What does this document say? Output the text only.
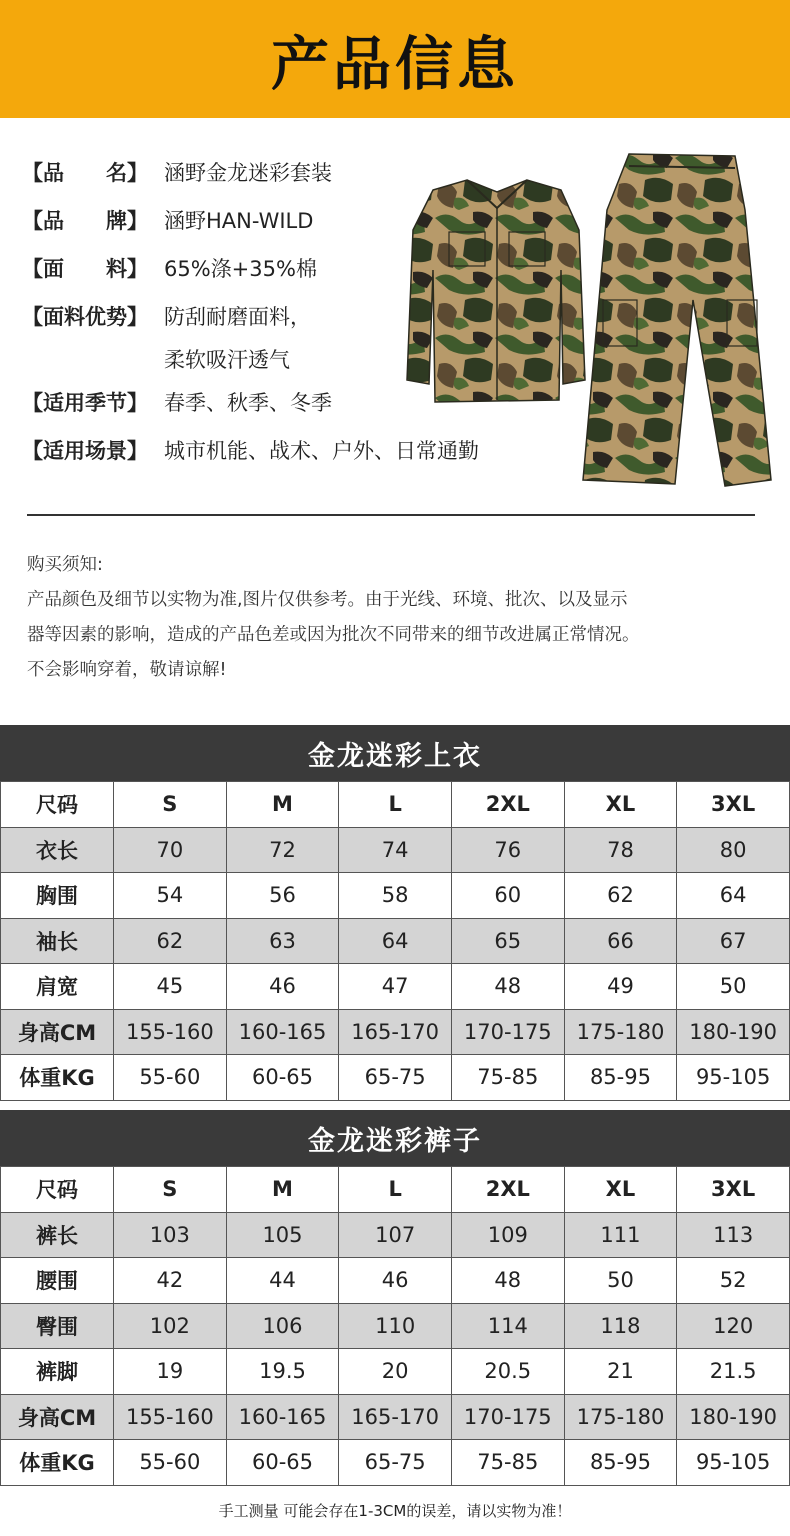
产品信息
【品　　名】 涵野金龙迷彩套装
【品　　牌】 涵野HAN-WILD
【面　　料】 65%涤+35%棉
【面料优势】 防刮耐磨面料，
柔软吸汗透气
【适用季节】 春季、秋季、冬季
【适用场景】 城市机能、战术、户外、日常通勤
购买须知:
产品颜色及细节以实物为准,图片仅供参考。由于光线、环境、批次、以及显示
器等因素的影响，造成的产品色差或因为批次不同带来的细节改进属正常情况。
不会影响穿着，敬请谅解!
金龙迷彩上衣
尺码	S	M	L	2XL	XL	3XL
衣长	70	72	74	76	78	80
胸围	54	56	58	60	62	64
袖长	62	63	64	65	66	67
肩宽	45	46	47	48	49	50
身高CM	155-160	160-165	165-170	170-175	175-180	180-190
体重KG	55-60	60-65	65-75	75-85	85-95	95-105
金龙迷彩裤子
尺码	S	M	L	2XL	XL	3XL
裤长	103	105	107	109	111	113
腰围	42	44	46	48	50	52
臀围	102	106	110	114	118	120
裤脚	19	19.5	20	20.5	21	21.5
身高CM	155-160	160-165	165-170	170-175	175-180	180-190
体重KG	55-60	60-65	65-75	75-85	85-95	95-105
手工测量 可能会存在1-3CM的误差，请以实物为准！
